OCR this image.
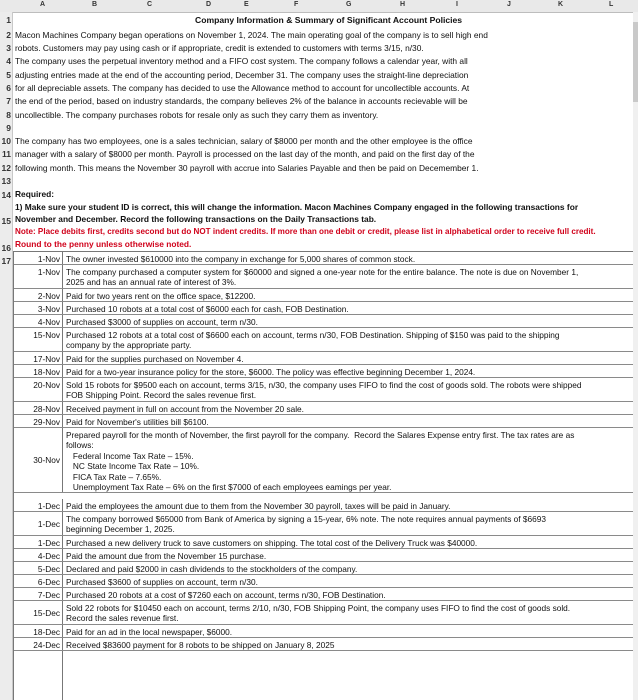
A	B	C	D	E	F	G	H	I	J	K	L
1
2
3
4
5
6
7
8
9
10
11
12
13
14
15
16
17
Company Information & Summary of Significant Account Policies
Macon Machines Company began operations on November 1, 2024. The main operating goal of the company is to sell high end
robots. Customers may pay using cash or if appropriate, credit is extended to customers with terms 3/15, n/30.
The company uses the perpetual inventory method and a FIFO cost system. The company follows a calendar year, with all
adjusting entries made at the end of the accounting period, December 31. The company uses the straight-line depreciation
for all depreciable assets. The company has decided to use the Allowance method to account for uncollectible accounts. At
the end of the period, based on industry standards, the company believes 2% of the balance in accounts recievable will be
uncollectible. The company purchases robots for resale only as such they carry them as inventory.
The company has two employees, one is a sales technician, salary of $8000 per month and the other employee is the office
manager with a salary of $8000 per month. Payroll is processed on the last day of the month, and paid on the first day of the
following month. This means the November 30 payroll with accrue into Salaries Payable and then be paid on Decemember 1.
Required:
1) Make sure your student ID is correct, this will change the information. Macon Machines Company engaged in the following transactions for
November and December. Record the following transactions on the Daily Transactions tab.
Note: Place debits first, credits second but do NOT indent credits. If more than one debit or credit, please list in alphabetical order to receive full credit.
Round to the penny unless otherwise noted.
1-Nov The owner invested $610000 into the company in exchange for 5,000 shares of common stock.
1-Nov The company purchased a computer system for $60000 and signed a one-year note for the entire balance. The note is due on November 1,
2025 and has an annual rate of interest of 3%.
2-Nov Paid for two years rent on the office space, $12200.
3-Nov Purchased 10 robots at a total cost of $6000 each for cash, FOB Destination.
4-Nov Purchased $3000 of supplies on account, term n/30.
15-Nov Purchased 12 robots at a total cost of $6600 each on account, terms n/30, FOB Destination. Shipping of $150 was paid to the shipping
company by the appropriate party.
17-Nov Paid for the supplies purchased on November 4.
18-Nov Paid for a two-year insurance policy for the store, $6000. The policy was effective beginning December 1, 2024.
20-Nov Sold 15 robots for $9500 each on account, terms 3/15, n/30, the company uses FIFO to find the cost of goods sold. The robots were shipped
FOB Shipping Point. Record the sales revenue first.
28-Nov Received payment in full on account from the November 20 sale.
29-Nov Paid for November's utilities bill $6100.
30-Nov
Prepared payroll for the month of November, the first payroll for the company.  Record the Salares Expense entry first. The tax rates are as
follows:
Federal Income Tax Rate – 15%.
NC State Income Tax Rate – 10%.
FICA Tax Rate – 7.65%.
Unemployment Tax Rate – 6% on the first $7000 of each employees eamings per year.
1-Dec Paid the employees the amount due to them from the November 30 payroll, taxes will be paid in January.
1-Dec The company borrowed $65000 from Bank of America by signing a 15-year, 6% note. The note requires annual payments of $6693
beginning December 1, 2025.
1-Dec Purchased a new delivery truck to save customers on shipping. The total cost of the Delivery Truck was $40000.
4-Dec Paid the amount due from the November 15 purchase.
5-Dec Declared and paid $2000 in cash dividends to the stockholders of the company.
6-Dec Purchased $3600 of supplies on account, term n/30.
7-Dec Purchased 20 robots at a cost of $7260 each on account, terms n/30, FOB Destination.
15-Dec Sold 22 robots for $10450 each on account, terms 2/10, n/30, FOB Shipping Point, the company uses FIFO to find the cost of goods sold.
Record the sales revenue first.
18-Dec Paid for an ad in the local newspaper, $6000.
24-Dec Received $83600 payment for 8 robots to be shipped on January 8, 2025
